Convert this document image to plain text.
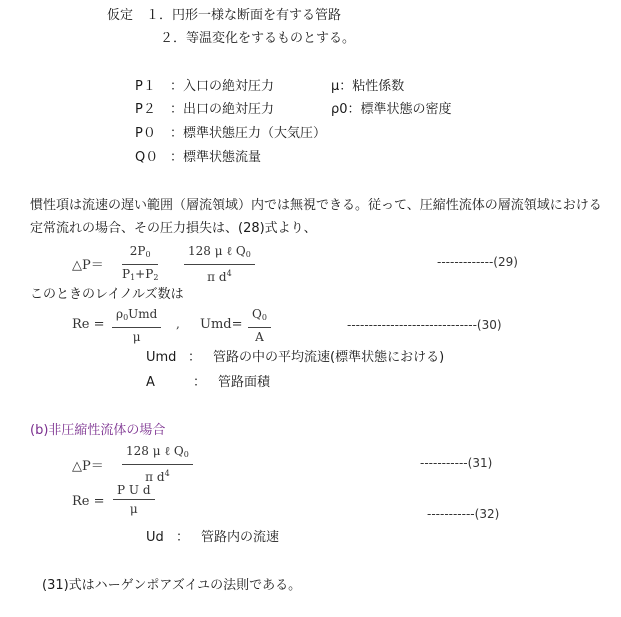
仮定 １．円形一様な断面を有する管路
２．等温変化をするものとする。
P１ ：入口の絶対圧力	μ：粘性係数
P２ ：出口の絶対圧力	ρ0：標準状態の密度
P０ ：標準状態圧力（大気圧）
Q０ ：標準状態流量
慣性項は流速の遅い範囲（層流領域）内では無視できる。従って、圧縮性流体の層流領域における
定常流れの場合、その圧力損失は、(28)式より、
△P＝ $\frac{2P_0}{P_1+P_2}$	128 μ ℓ $Q_0$
π $d^4$
-------------(29)
このときのレイノルズ数は
Re =
$\rho_0Umd$
μ
, $Umd= \frac{Q_0}{A}$	------------------------------(30)
Umd ： 管路の中の平均流速(標準状態における)
A	： 管路面積
(b)非圧縮性流体の場合
△P＝
128 μ ℓ $Q_0$
π $d^4$
-----------(31)
$Re = \frac{\text{P U d}}{\mu}$	-----------(32)
Ud ： 管路内の流速
(31)式はハーゲンポアズイユの法則である。
